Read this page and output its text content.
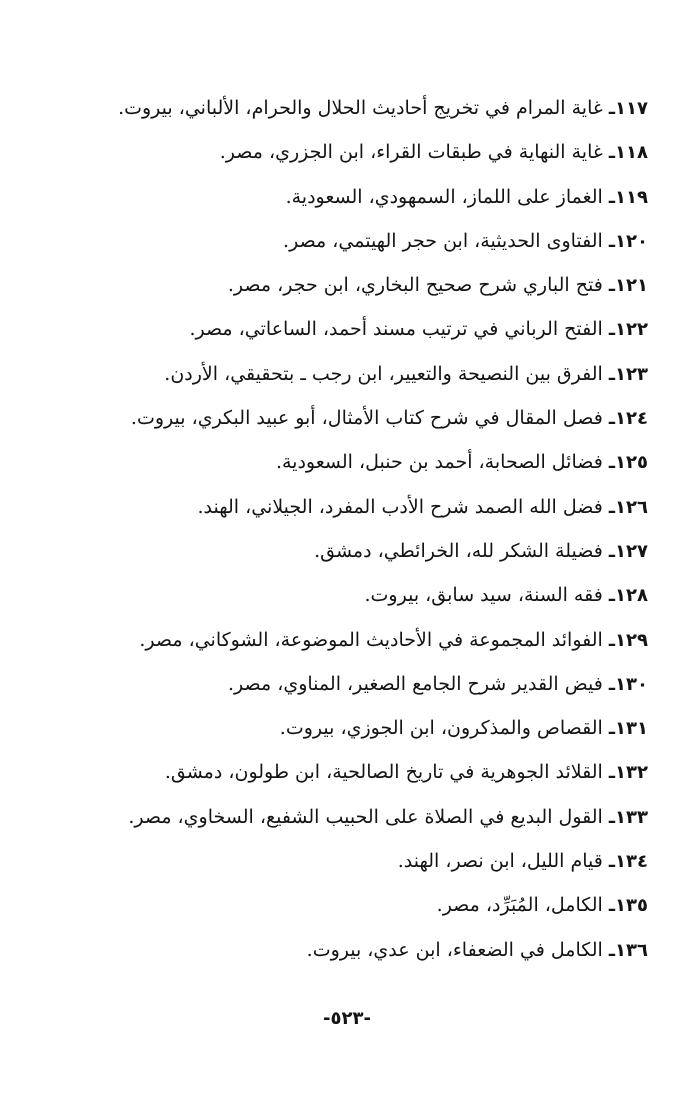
١١٧ـ غاية المرام في تخريج أحاديث الحلال والحرام، الألباني، بيروت.
١١٨ـ غاية النهاية في طبقات القراء، ابن الجزري، مصر.
١١٩ـ الغماز على اللماز، السمهودي، السعودية.
١٢٠ـ الفتاوى الحديثية، ابن حجر الهيتمي، مصر.
١٢١ـ فتح الباري شرح صحيح البخاري، ابن حجر، مصر.
١٢٢ـ الفتح الرباني في ترتيب مسند أحمد، الساعاتي، مصر.
١٢٣ـ الفرق بين النصيحة والتعيير، ابن رجب ـ بتحقيقي، الأردن.
١٢٤ـ فصل المقال في شرح كتاب الأمثال، أبو عبيد البكري، بيروت.
١٢٥ـ فضائل الصحابة، أحمد بن حنبل، السعودية.
١٢٦ـ فضل الله الصمد شرح الأدب المفرد، الجيلاني، الهند.
١٢٧ـ فضيلة الشكر لله، الخرائطي، دمشق.
١٢٨ـ فقه السنة، سيد سابق، بيروت.
١٢٩ـ الفوائد المجموعة في الأحاديث الموضوعة، الشوكاني، مصر.
١٣٠ـ فيض القدير شرح الجامع الصغير، المناوي، مصر.
١٣١ـ القصاص والمذكرون، ابن الجوزي، بيروت.
١٣٢ـ القلائد الجوهرية في تاريخ الصالحية، ابن طولون، دمشق.
١٣٣ـ القول البديع في الصلاة على الحبيب الشفيع، السخاوي، مصر.
١٣٤ـ قيام الليل، ابن نصر، الهند.
١٣٥ـ الكامل، المُبَرِّد، مصر.
١٣٦ـ الكامل في الضعفاء، ابن عدي، بيروت.
-٥٢٣-
